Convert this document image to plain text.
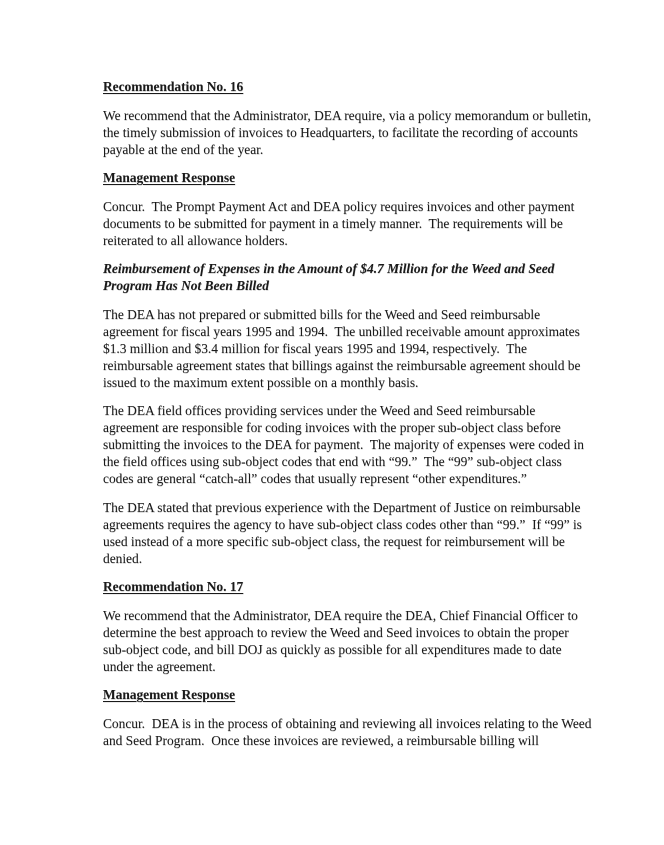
Recommendation No. 16
We recommend that the Administrator, DEA require, via a policy memorandum or bulletin, the timely submission of invoices to Headquarters, to facilitate the recording of accounts payable at the end of the year.
Management Response
Concur.  The Prompt Payment Act and DEA policy requires invoices and other payment documents to be submitted for payment in a timely manner.  The requirements will be reiterated to all allowance holders.
Reimbursement of Expenses in the Amount of $4.7 Million for the Weed and Seed Program Has Not Been Billed
The DEA has not prepared or submitted bills for the Weed and Seed reimbursable agreement for fiscal years 1995 and 1994.  The unbilled receivable amount approximates $1.3 million and $3.4 million for fiscal years 1995 and 1994, respectively.  The reimbursable agreement states that billings against the reimbursable agreement should be issued to the maximum extent possible on a monthly basis.
The DEA field offices providing services under the Weed and Seed reimbursable agreement are responsible for coding invoices with the proper sub-object class before submitting the invoices to the DEA for payment.  The majority of expenses were coded in the field offices using sub-object codes that end with “99.”  The “99” sub-object class codes are general “catch-all” codes that usually represent “other expenditures.”
The DEA stated that previous experience with the Department of Justice on reimbursable agreements requires the agency to have sub-object class codes other than “99.”  If “99” is used instead of a more specific sub-object class, the request for reimbursement will be denied.
Recommendation No. 17
We recommend that the Administrator, DEA require the DEA, Chief Financial Officer to determine the best approach to review the Weed and Seed invoices to obtain the proper sub-object code, and bill DOJ as quickly as possible for all expenditures made to date under the agreement.
Management Response
Concur.  DEA is in the process of obtaining and reviewing all invoices relating to the Weed and Seed Program.  Once these invoices are reviewed, a reimbursable billing will
